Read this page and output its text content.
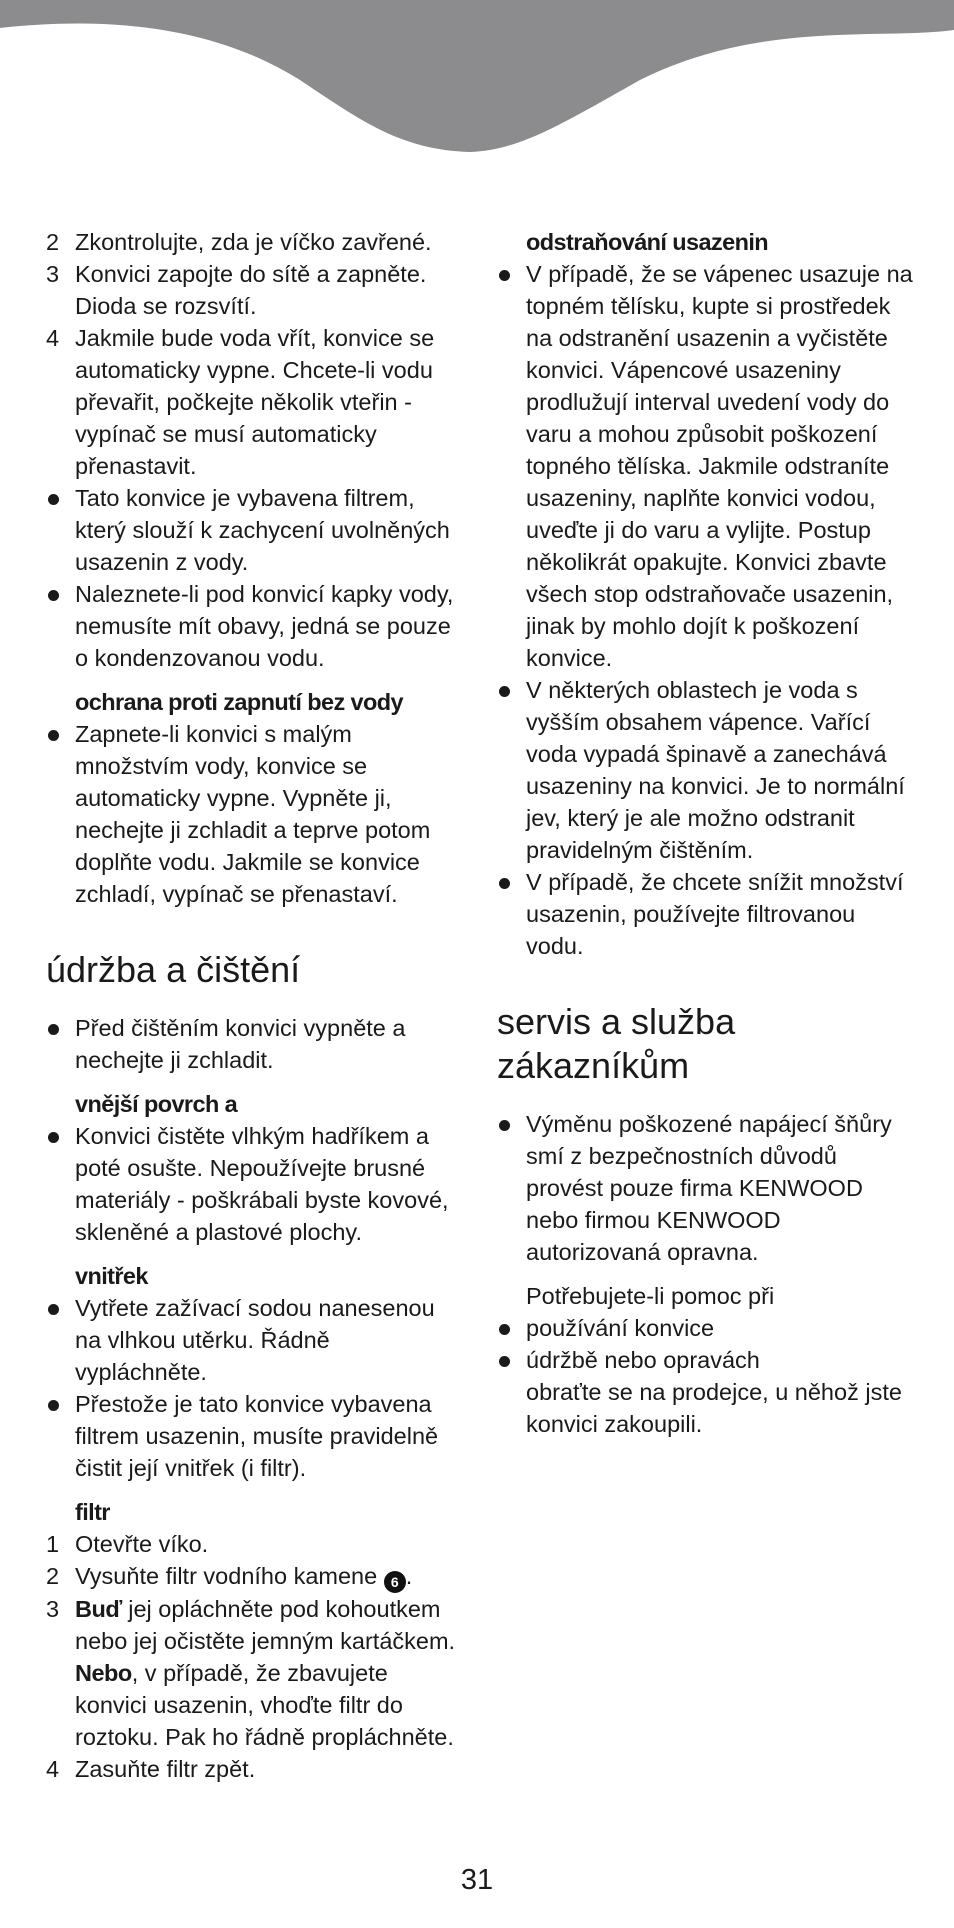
2 Zkontrolujte, zda je víčko zavřené.
3 Konvici zapojte do sítě a zapněte. Dioda se rozsvítí.
4 Jakmile bude voda vřít, konvice se automaticky vypne. Chcete-li vodu převařit, počkejte několik vteřin - vypínač se musí automaticky přenastavit.
Tato konvice je vybavena filtrem, který slouží k zachycení uvolněných usazenin z vody.
Naleznete-li pod konvicí kapky vody, nemusíte mít obavy, jedná se pouze o kondenzovanou vodu.
ochrana proti zapnutí bez vody
Zapnete-li konvici s malým množstvím vody, konvice se automaticky vypne. Vypněte ji, nechejte ji zchladit a teprve potom doplňte vodu. Jakmile se konvice zchladí, vypínač se přenastaví.
údržba a čištění
Před čištěním konvici vypněte a nechejte ji zchladit.
vnější povrch a
Konvici čistěte vlhkým hadříkem a poté osušte. Nepoužívejte brusné materiály - poškrábali byste kovové, skleněné a plastové plochy.
vnitřek
Vytřete zažívací sodou nanesenou na vlhkou utěrku. Řádně vypláchněte.
Přestože je tato konvice vybavena filtrem usazenin, musíte pravidelně čistit její vnitřek (i filtr).
filtr
1 Otevřte víko.
2 Vysuňte filtr vodního kamene 6 .
3 Buď jej opláchněte pod kohoutkem nebo jej očistěte jemným kartáčkem. Nebo, v případě, že zbavujete konvici usazenin, vhoďte filtr do roztoku. Pak ho řádně propláchněte.
4 Zasuňte filtr zpět.
odstraňování usazenin
V případě, že se vápenec usazuje na topném tělísku, kupte si prostředek na odstranění usazenin a vyčistěte konvici. Vápencové usazeniny prodlužují interval uvedení vody do varu a mohou způsobit poškození topného tělíska. Jakmile odstraníte usazeniny, naplňte konvici vodou, uveďte ji do varu a vylijte. Postup několikrát opakujte. Konvici zbavte všech stop odstraňovače usazenin, jinak by mohlo dojít k poškození konvice.
V některých oblastech je voda s vyšším obsahem vápence. Vařící voda vypadá špinavě a zanechává usazeniny na konvici. Je to normální jev, který je ale možno odstranit pravidelným čištěním.
V případě, že chcete snížit množství usazenin, používejte filtrovanou vodu.
servis a služba
zákazníkům
Výměnu poškozené napájecí šňůry smí z bezpečnostních důvodů provést pouze firma KENWOOD nebo firmou KENWOOD autorizovaná opravna.
Potřebujete-li pomoc při
používání konvice
údržbě nebo opravách
obraťte se na prodejce, u něhož jste konvici zakoupili.
31
